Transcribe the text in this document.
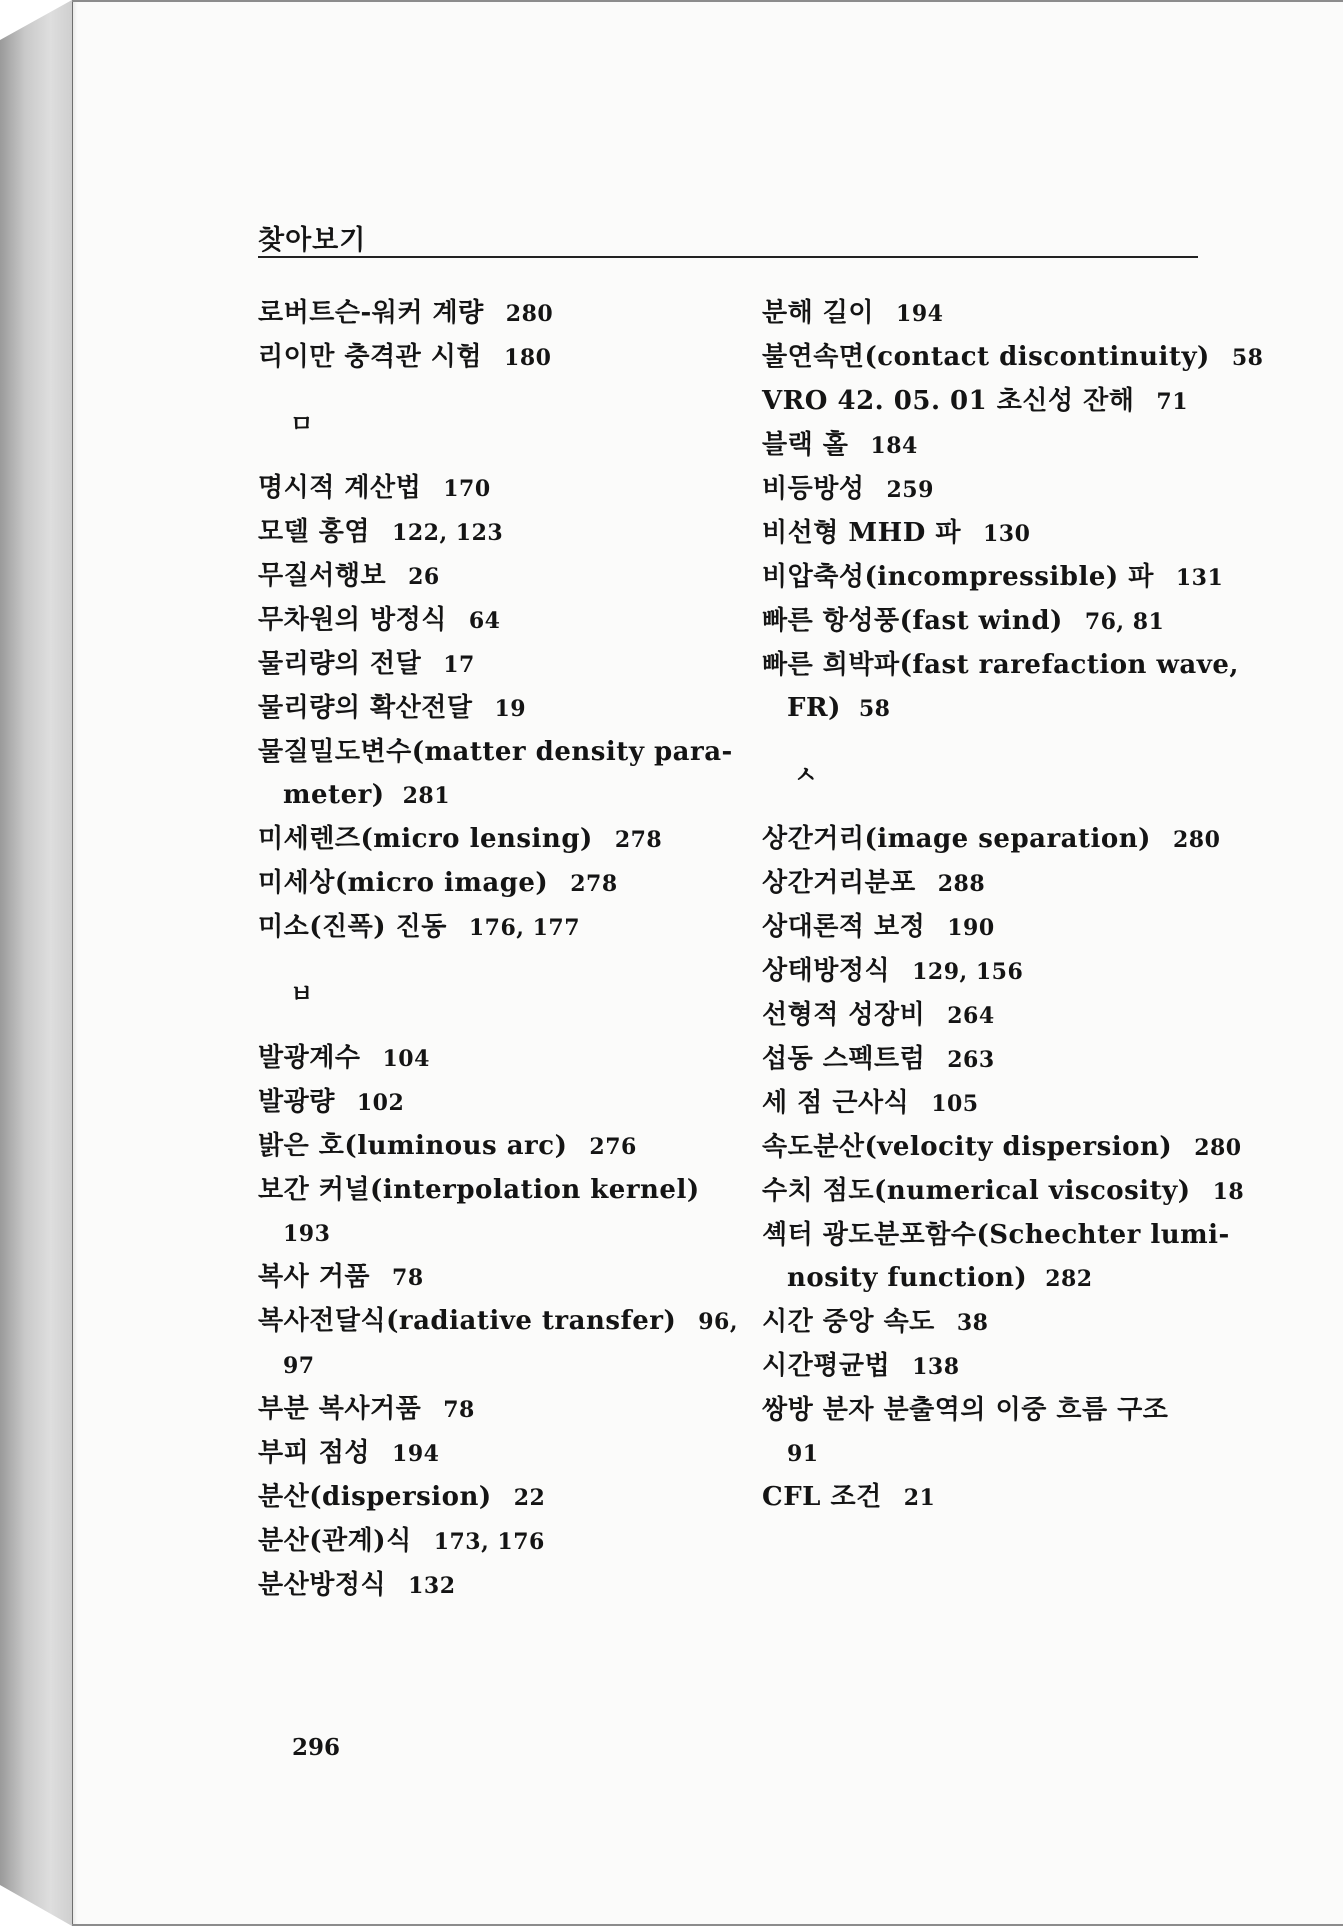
찾아보기
로버트슨-워커 계량 280
리이만 충격관 시험 180
ㅁ
명시적 계산법 170
모델 홍염 122, 123
무질서행보 26
무차원의 방정식 64
물리량의 전달 17
물리량의 확산전달 19
물질밀도변수(matter density para-
meter) 281
미세렌즈(micro lensing) 278
미세상(micro image) 278
미소(진폭) 진동 176, 177
ㅂ
발광계수 104
발광량 102
밝은 호(luminous arc) 276
보간 커널(interpolation kernel)
193
복사 거품 78
복사전달식(radiative transfer) 96,
97
부분 복사거품 78
부피 점성 194
분산(dispersion) 22
분산(관계)식 173, 176
분산방정식 132
분해 길이 194
불연속면(contact discontinuity) 58
VRO 42. 05. 01 초신성 잔해 71
블랙 홀 184
비등방성 259
비선형 MHD 파 130
비압축성(incompressible) 파 131
빠른 항성풍(fast wind) 76, 81
빠른 희박파(fast rarefaction wave,
FR) 58
ㅅ
상간거리(image separation) 280
상간거리분포 288
상대론적 보정 190
상태방정식 129, 156
선형적 성장비 264
섭동 스펙트럼 263
세 점 근사식 105
속도분산(velocity dispersion) 280
수치 점도(numerical viscosity) 18
셱터 광도분포함수(Schechter lumi-
nosity function) 282
시간 중앙 속도 38
시간평균법 138
쌍방 분자 분출역의 이중 흐름 구조
91
CFL 조건 21
296
